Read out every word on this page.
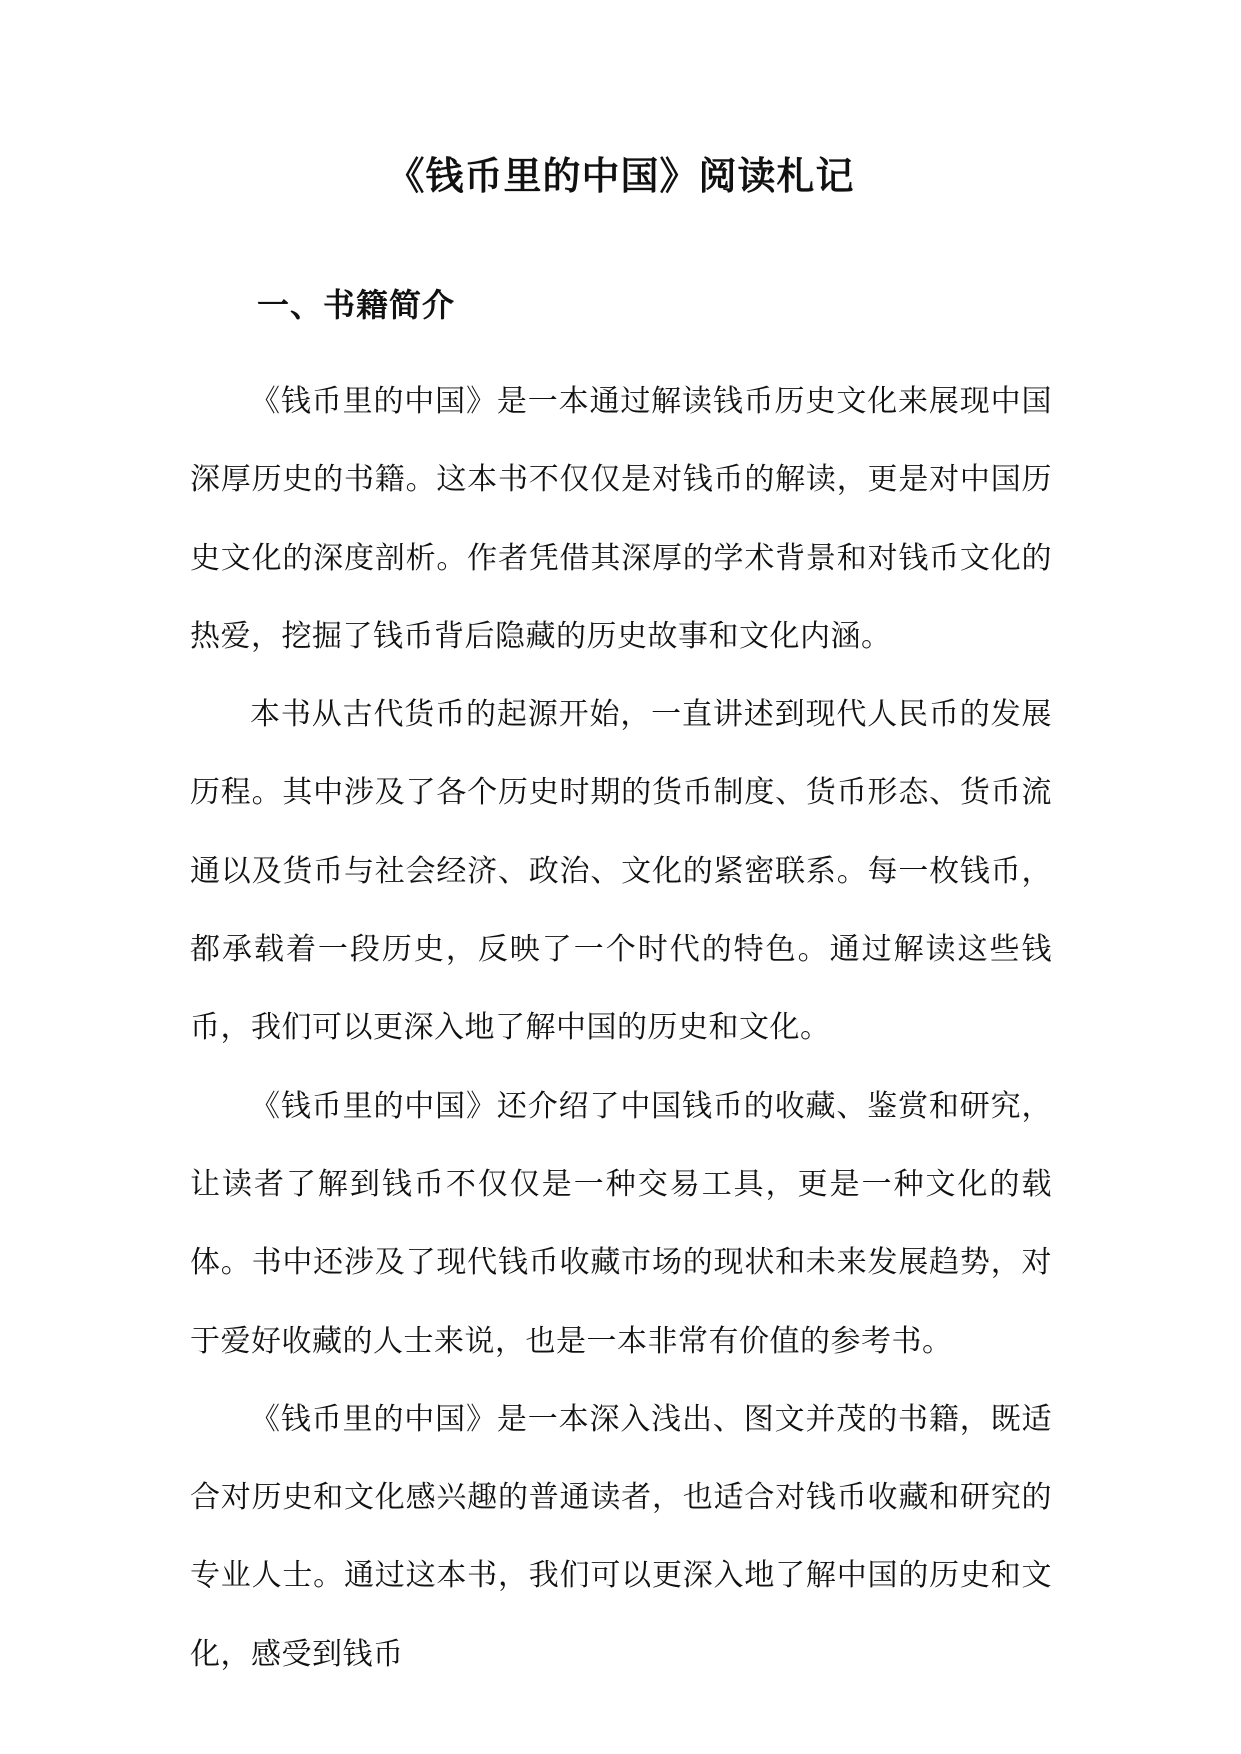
《钱币里的中国》阅读札记
一、书籍简介

《钱币里的中国》是一本通过解读钱币历史文化来展现中国深厚历史的书籍。这本书不仅仅是对钱币的解读，更是对中国历史文化的深度剖析。作者凭借其深厚的学术背景和对钱币文化的热爱，挖掘了钱币背后隐藏的历史故事和文化内涵。

本书从古代货币的起源开始，一直讲述到现代人民币的发展历程。其中涉及了各个历史时期的货币制度、货币形态、货币流通以及货币与社会经济、政治、文化的紧密联系。每一枚钱币，都承载着一段历史，反映了一个时代的特色。通过解读这些钱币，我们可以更深入地了解中国的历史和文化。

《钱币里的中国》还介绍了中国钱币的收藏、鉴赏和研究，让读者了解到钱币不仅仅是一种交易工具，更是一种文化的载体。书中还涉及了现代钱币收藏市场的现状和未来发展趋势，对于爱好收藏的人士来说，也是一本非常有价值的参考书。

《钱币里的中国》是一本深入浅出、图文并茂的书籍，既适合对历史和文化感兴趣的普通读者，也适合对钱币收藏和研究的专业人士。通过这本书，我们可以更深入地了解中国的历史和文化，感受到钱币
